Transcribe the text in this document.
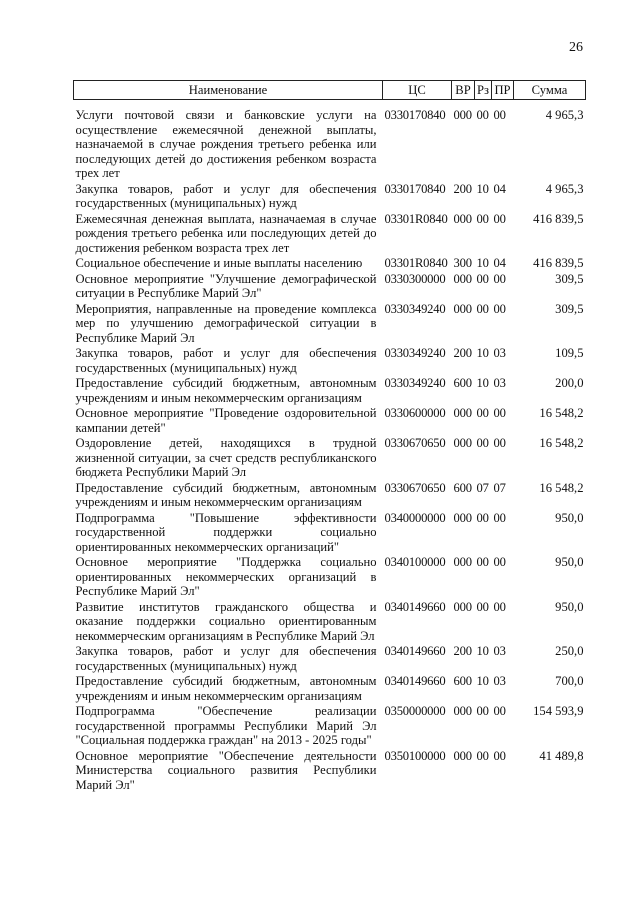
26
Наименование	ЦС	ВР	Рз	ПР	Сумма
Услуги почтовой связи и банковские услуги на осуществление ежемесячной денежной выплаты, назначаемой в случае рождения третьего ребенка или последующих детей до достижения ребенком возраста трех лет	0330170840	000	00	00	4 965,3
Закупка товаров, работ и услуг для обеспечения государственных (муниципальных) нужд	0330170840	200	10	04	4 965,3
Ежемесячная денежная выплата, назначаемая в случае рождения третьего ребенка или последующих детей до достижения ребенком возраста трех лет	03301R0840	000	00	00	416 839,5
Социальное обеспечение и иные выплаты населению	03301R0840	300	10	04	416 839,5
Основное мероприятие "Улучшение демографической ситуации в Республике Марий Эл"	0330300000	000	00	00	309,5
Мероприятия, направленные на проведение комплекса мер по улучшению демографической ситуации в Республике Марий Эл	0330349240	000	00	00	309,5
Закупка товаров, работ и услуг для обеспечения государственных (муниципальных) нужд	0330349240	200	10	03	109,5
Предоставление субсидий бюджетным, автономным учреждениям и иным некоммерческим организациям	0330349240	600	10	03	200,0
Основное мероприятие "Проведение оздоровительной кампании детей"	0330600000	000	00	00	16 548,2
Оздоровление детей, находящихся в трудной жизненной ситуации, за счет средств республиканского бюджета Республики Марий Эл	0330670650	000	00	00	16 548,2
Предоставление субсидий бюджетным, автономным учреждениям и иным некоммерческим организациям	0330670650	600	07	07	16 548,2
Подпрограмма "Повышение эффективности государственной поддержки социально ориентированных некоммерческих организаций"	0340000000	000	00	00	950,0
Основное мероприятие "Поддержка социально ориентированных некоммерческих организаций в Республике Марий Эл"	0340100000	000	00	00	950,0
Развитие институтов гражданского общества и оказание поддержки социально ориентированным некоммерческим организациям в Республике Марий Эл	0340149660	000	00	00	950,0
Закупка товаров, работ и услуг для обеспечения государственных (муниципальных) нужд	0340149660	200	10	03	250,0
Предоставление субсидий бюджетным, автономным учреждениям и иным некоммерческим организациям	0340149660	600	10	03	700,0
Подпрограмма "Обеспечение реализации государственной программы Республики Марий Эл "Социальная поддержка граждан" на 2013 - 2025 годы"	0350000000	000	00	00	154 593,9
Основное мероприятие "Обеспечение деятельности Министерства социального развития Республики Марий Эл"	0350100000	000	00	00	41 489,8
